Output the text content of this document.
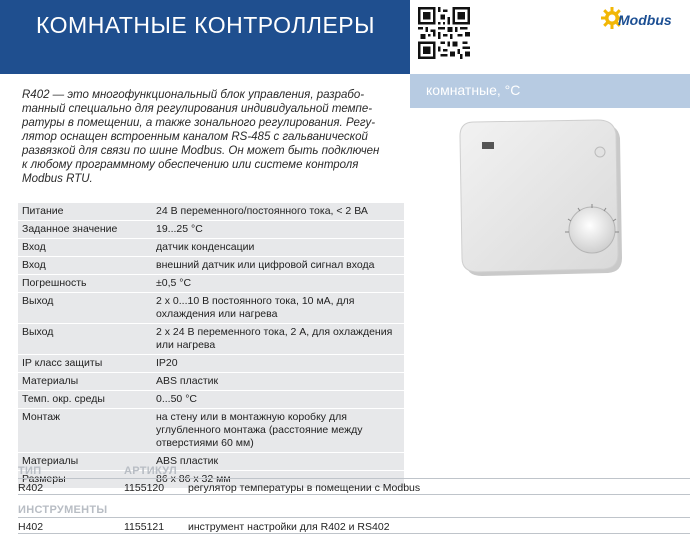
КОМНАТНЫЕ КОНТРОЛЛЕРЫ	Modbus
комнатные, °C
R402 — это многофункциональный блок управления, разрабо-
танный специально для регулирования индивидуальной темпе-
ратуры в помещении, а также зонального регулирования. Регу-
лятор оснащен встроенным каналом RS-485 с гальванической
развязкой для связи по шине Modbus. Он может быть подключен
к любому программному обеспечению или системе контроля
Modbus RTU.
Питание	24 В переменного/постоянного тока, < 2 ВА

Заданное значение	19...25 °C

Вход	датчик конденсации

Вход	внешний датчик или цифровой сигнал входа

Погрешность	±0,5 °C

Выход	2 x 0...10 В постоянного тока, 10 мА, для
охлаждения или нагрева

Выход	2 x 24 В переменного тока, 2 А, для охлаждения
или нагрева

IP класс защиты	IP20

Материалы	ABS пластик

Темп. окр. среды	0...50 °C

Монтаж	на стену или в монтажную коробку для
углубленного монтажа (расстояние между
отверстиями 60 мм)

Материалы	ABS пластик

Размеры	86 x 86 x 32 мм
ТИП	АРТИКУЛ
R402	1155120 регулятор температуры в помещении с Modbus
ИНСТРУМЕНТЫ
H402	1155121 инструмент настройки для R402 и RS402
